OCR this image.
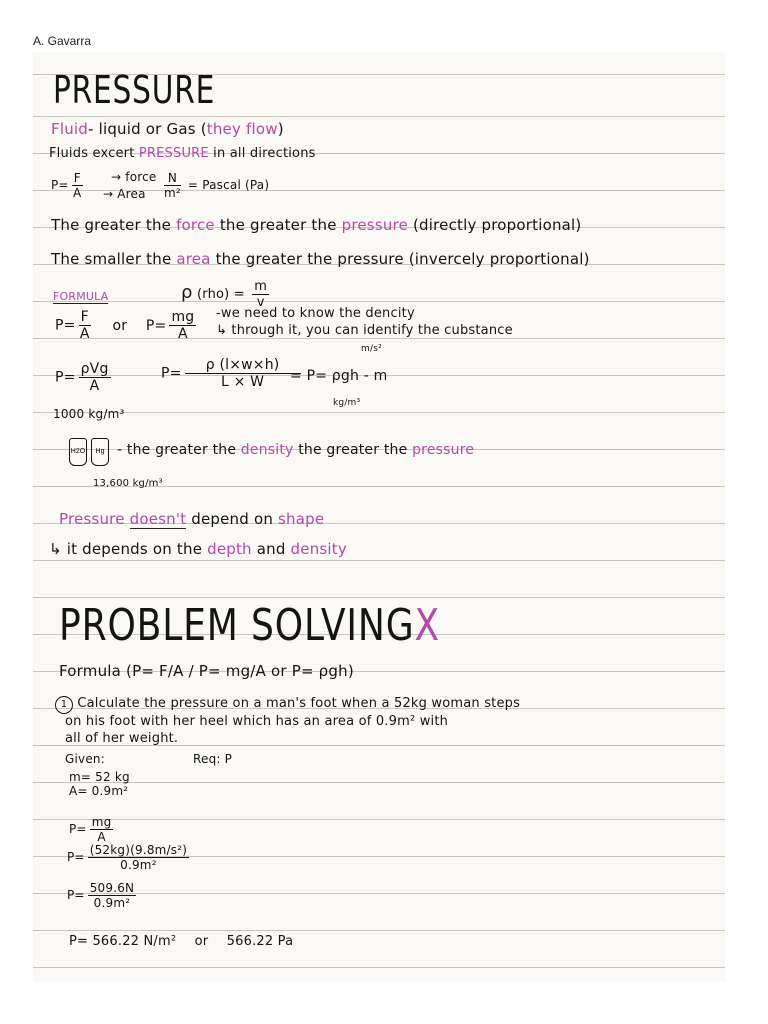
A. Gavarra
PRESSURE
Fluid- liquid or Gas (they flow)
Fluids excert PRESSURE in all directions
$P= \frac{F}{A}$ → force
→ Area $\frac{N}{\text{m²}}$ = Pascal (Pa)
The greater the force the greater the pressure (directly proportional)
The smaller the area the greater the pressure (invercely proportional)
FORMULA	ρ $(rho) = \frac{m}{v}$
$P= \frac{F}{A}$ or $P= \frac{mg}{A} -we$ need to know the dencity
↳ through it, you can identify the cubstance
m/s²
$P= \frac{\text{ρVg}}{A}$	$P= \frac{\rho (l\times w\times h)}{L \times W}$
= P= ρgh - m
kg/m³
1000 kg/m³
H2O	Hg - the greater the density the greater the pressure
13,600 kg/m³
Pressure doesn't depend on shape
↳ it depends on the depth and density
PROBLEM SOLVINGX
Formula (P= F/A / P= mg/A or P= ρgh)
1 Calculate the pressure on a man's foot when a 52kg woman steps
on his foot with her heel which has an area of 0.9m² with
all of her weight.
Given:	Req: P
m= 52 kg
A= 0.9m²
$P= \frac{mg}{A}$
$P= \frac{\text{(52kg)(9.8m/s²)}}{\text{0.9m²}}$
$P= \frac{509.6N}{\text{0.9m²}}$
P= 566.22 N/m² or 566.22 Pa
